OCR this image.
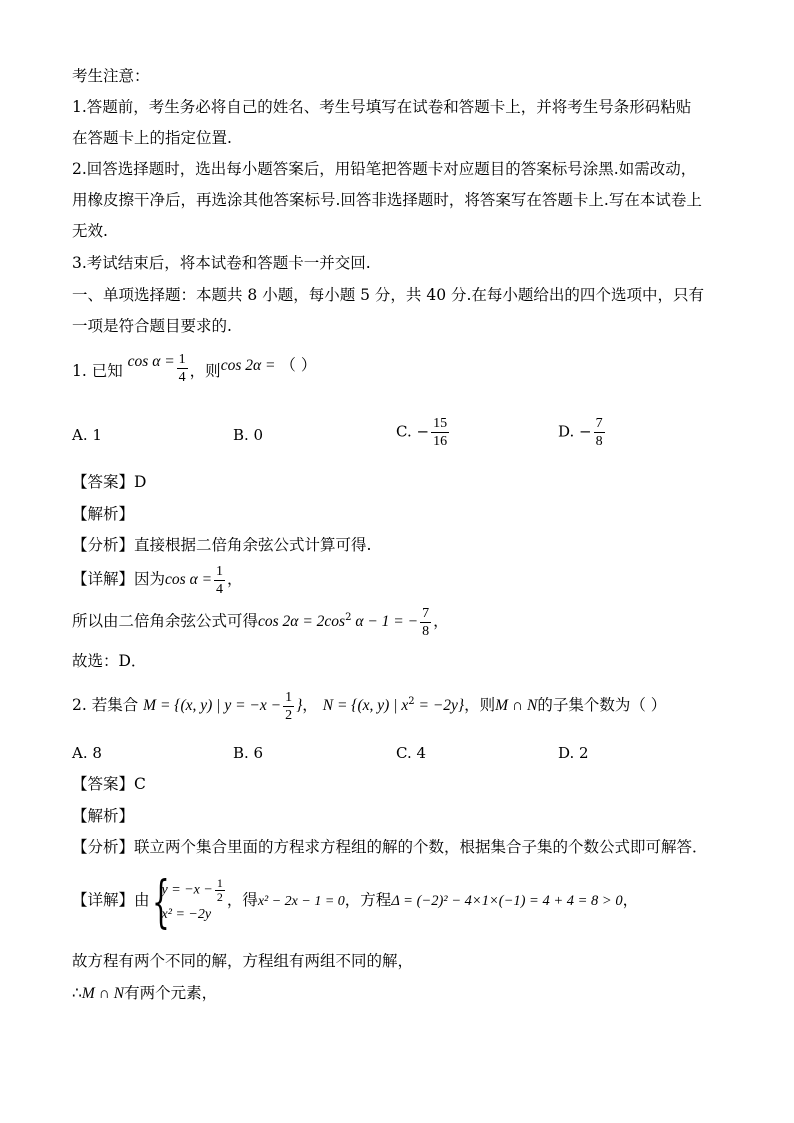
考生注意：
1.答题前，考生务必将自己的姓名、考生号填写在试卷和答题卡上，并将考生号条形码粘贴
在答题卡上的指定位置.
2.回答选择题时，选出每小题答案后，用铅笔把答题卡对应题目的答案标号涂黑.如需改动，
用橡皮擦干净后，再选涂其他答案标号.回答非选择题时，将答案写在答题卡上.写在本试卷上
无效.
3.考试结束后，将本试卷和答题卡一并交回.
一、单项选择题：本题共 8 小题，每小题 5 分，共 40 分.在每小题给出的四个选项中，只有
一项是符合题目要求的.
1. 已知 $\cos \alpha = \frac{1}{4}$ ，则cos 2α = （ ）
A. 1	B. 0	C. − $\frac{15}{16}$	D. − $\frac{7}{8}$
【答案】D
【解析】
【分析】直接根据二倍角余弦公式计算可得.
【详解】因为$\cos \alpha = \frac{1}{4}$ ，
所以由二倍角余弦公式可得$\cos 2\alpha = 2\cos^2$ α − 1 = − $\frac{7}{8}$ ，
故选：D．
2. 若集合 M = {(x, y) | $y = -x - \frac{1}{2}$ }， N = {(x, y) | $x^2 = -2y$}，则M ∩ N的子集个数为（ ）
A. 8	B. 6	C. 4	D. 2
【答案】C
【解析】
【分析】联立两个集合里面的方程求方程组的解的个数，根据集合子集的个数公式即可解答．
【详解】由 {
$y = -x - \frac{1}{2}$
x² = −2y
，得x² − 2x − 1 = 0，方程Δ = (−2)² − 4×1×(−1) = 4 + 4 = 8 > 0，
故方程有两个不同的解，方程组有两组不同的解，
∴M ∩ N有两个元素，
